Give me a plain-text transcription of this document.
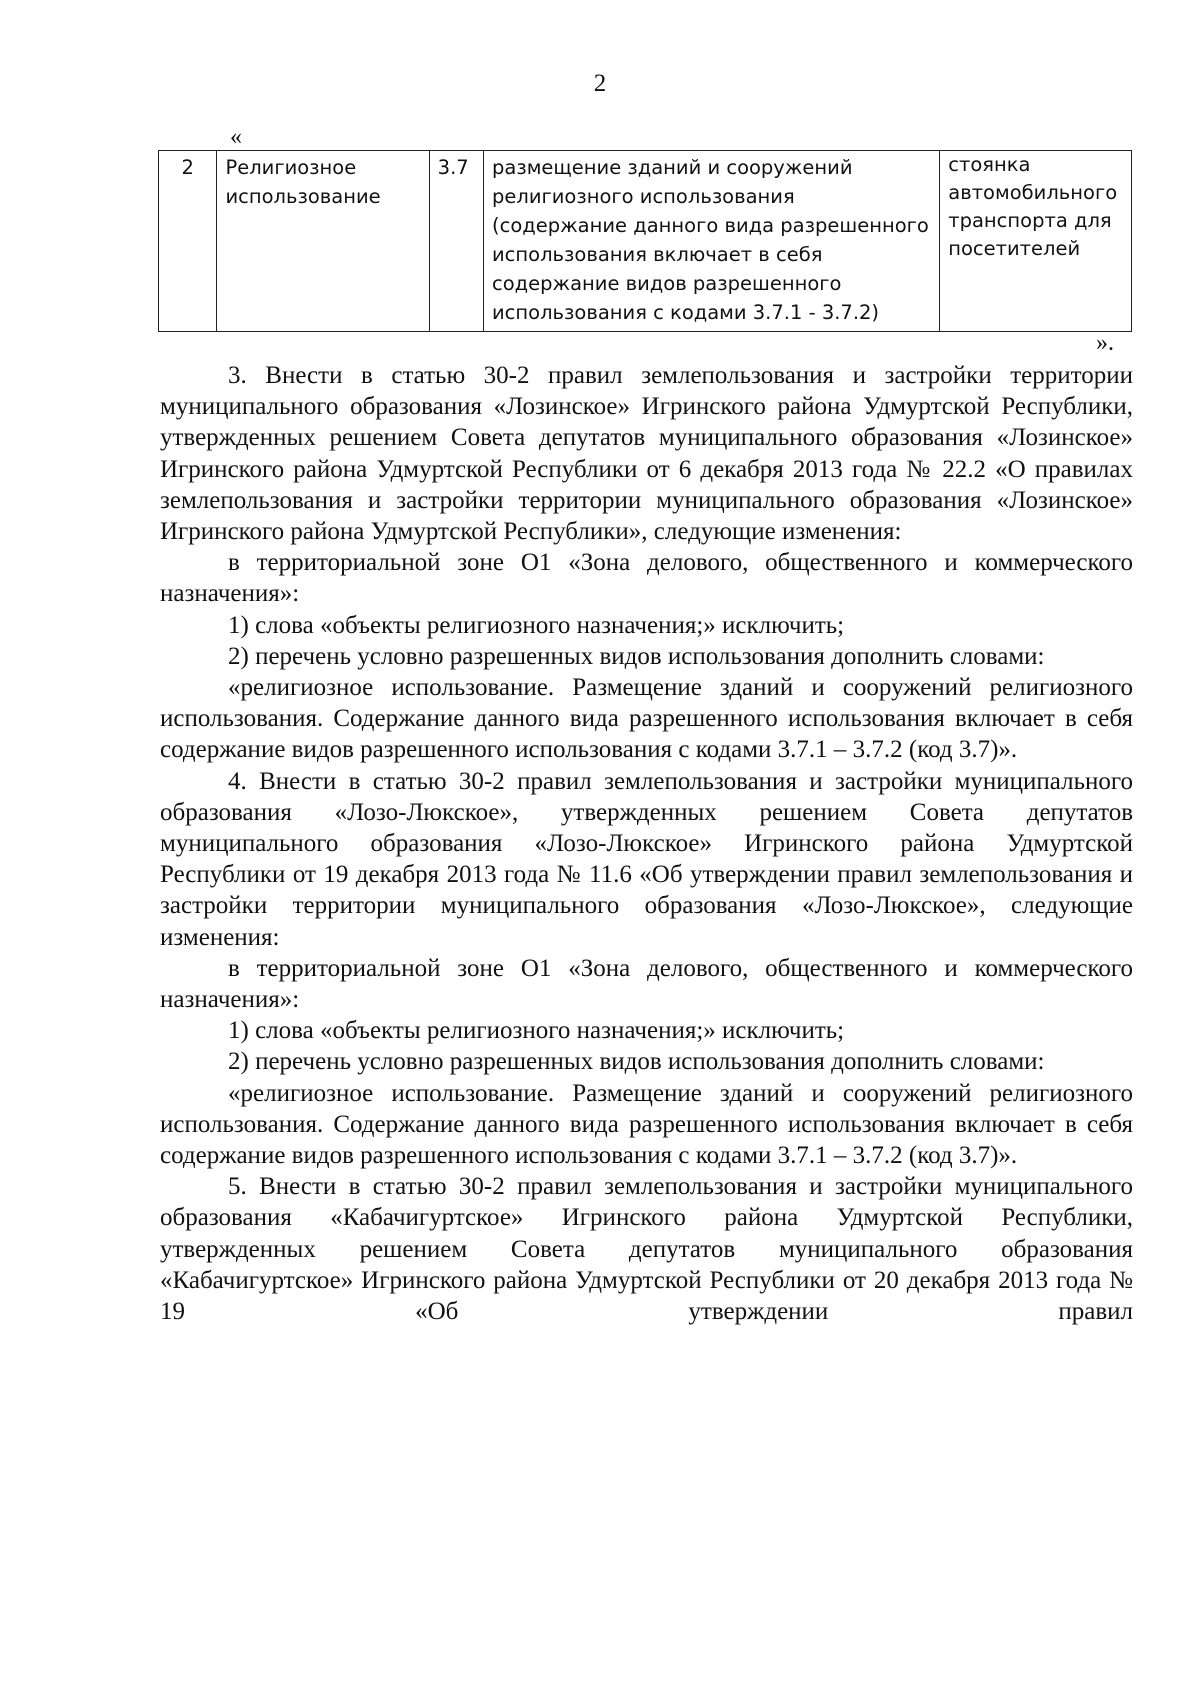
2
«
2	Религиозное использование	3.7	размещение зданий и сооружений религиозного использования (содержание данного вида разрешенного использования включает в себя содержание видов разрешенного использования с кодами 3.7.1 - 3.7.2)	стоянка автомобильного транспорта для посетителей
».

3. Внести в статью 30-2 правил землепользования и застройки территории муниципального образования «Лозинское» Игринского района Удмуртской Республики, утвержденных решением Совета депутатов муниципального образования «Лозинское» Игринского района Удмуртской Республики от 6 декабря 2013 года № 22.2 «О правилах землепользования и застройки территории муниципального образования «Лозинское» Игринского района Удмуртской Республики», следующие изменения:

в территориальной зоне О1 «Зона делового, общественного и коммерческого назначения»:

1) слова «объекты религиозного назначения;» исключить;

2) перечень условно разрешенных видов использования дополнить словами:

«религиозное использование. Размещение зданий и сооружений религиозного использования. Содержание данного вида разрешенного использования включает в себя содержание видов разрешенного использования с кодами 3.7.1 – 3.7.2 (код 3.7)».

4. Внести в статью 30-2 правил землепользования и застройки муниципального образования «Лозо-Люкское», утвержденных решением Совета депутатов муниципального образования «Лозо-Люкское» Игринского района Удмуртской Республики от 19 декабря 2013 года № 11.6 «Об утверждении правил землепользования и застройки территории муниципального образования «Лозо-Люкское», следующие изменения:

в территориальной зоне О1 «Зона делового, общественного и коммерческого назначения»:

1) слова «объекты религиозного назначения;» исключить;

2) перечень условно разрешенных видов использования дополнить словами:

«религиозное использование. Размещение зданий и сооружений религиозного использования. Содержание данного вида разрешенного использования включает в себя содержание видов разрешенного использования с кодами 3.7.1 – 3.7.2 (код 3.7)».

5. Внести в статью 30-2 правил землепользования и застройки муниципального образования «Кабачигуртское» Игринского района Удмуртской Республики, утвержденных решением Совета депутатов муниципального образования «Кабачигуртское» Игринского района Удмуртской Республики от 20 декабря 2013 года № 19 «Об утверждении правил
